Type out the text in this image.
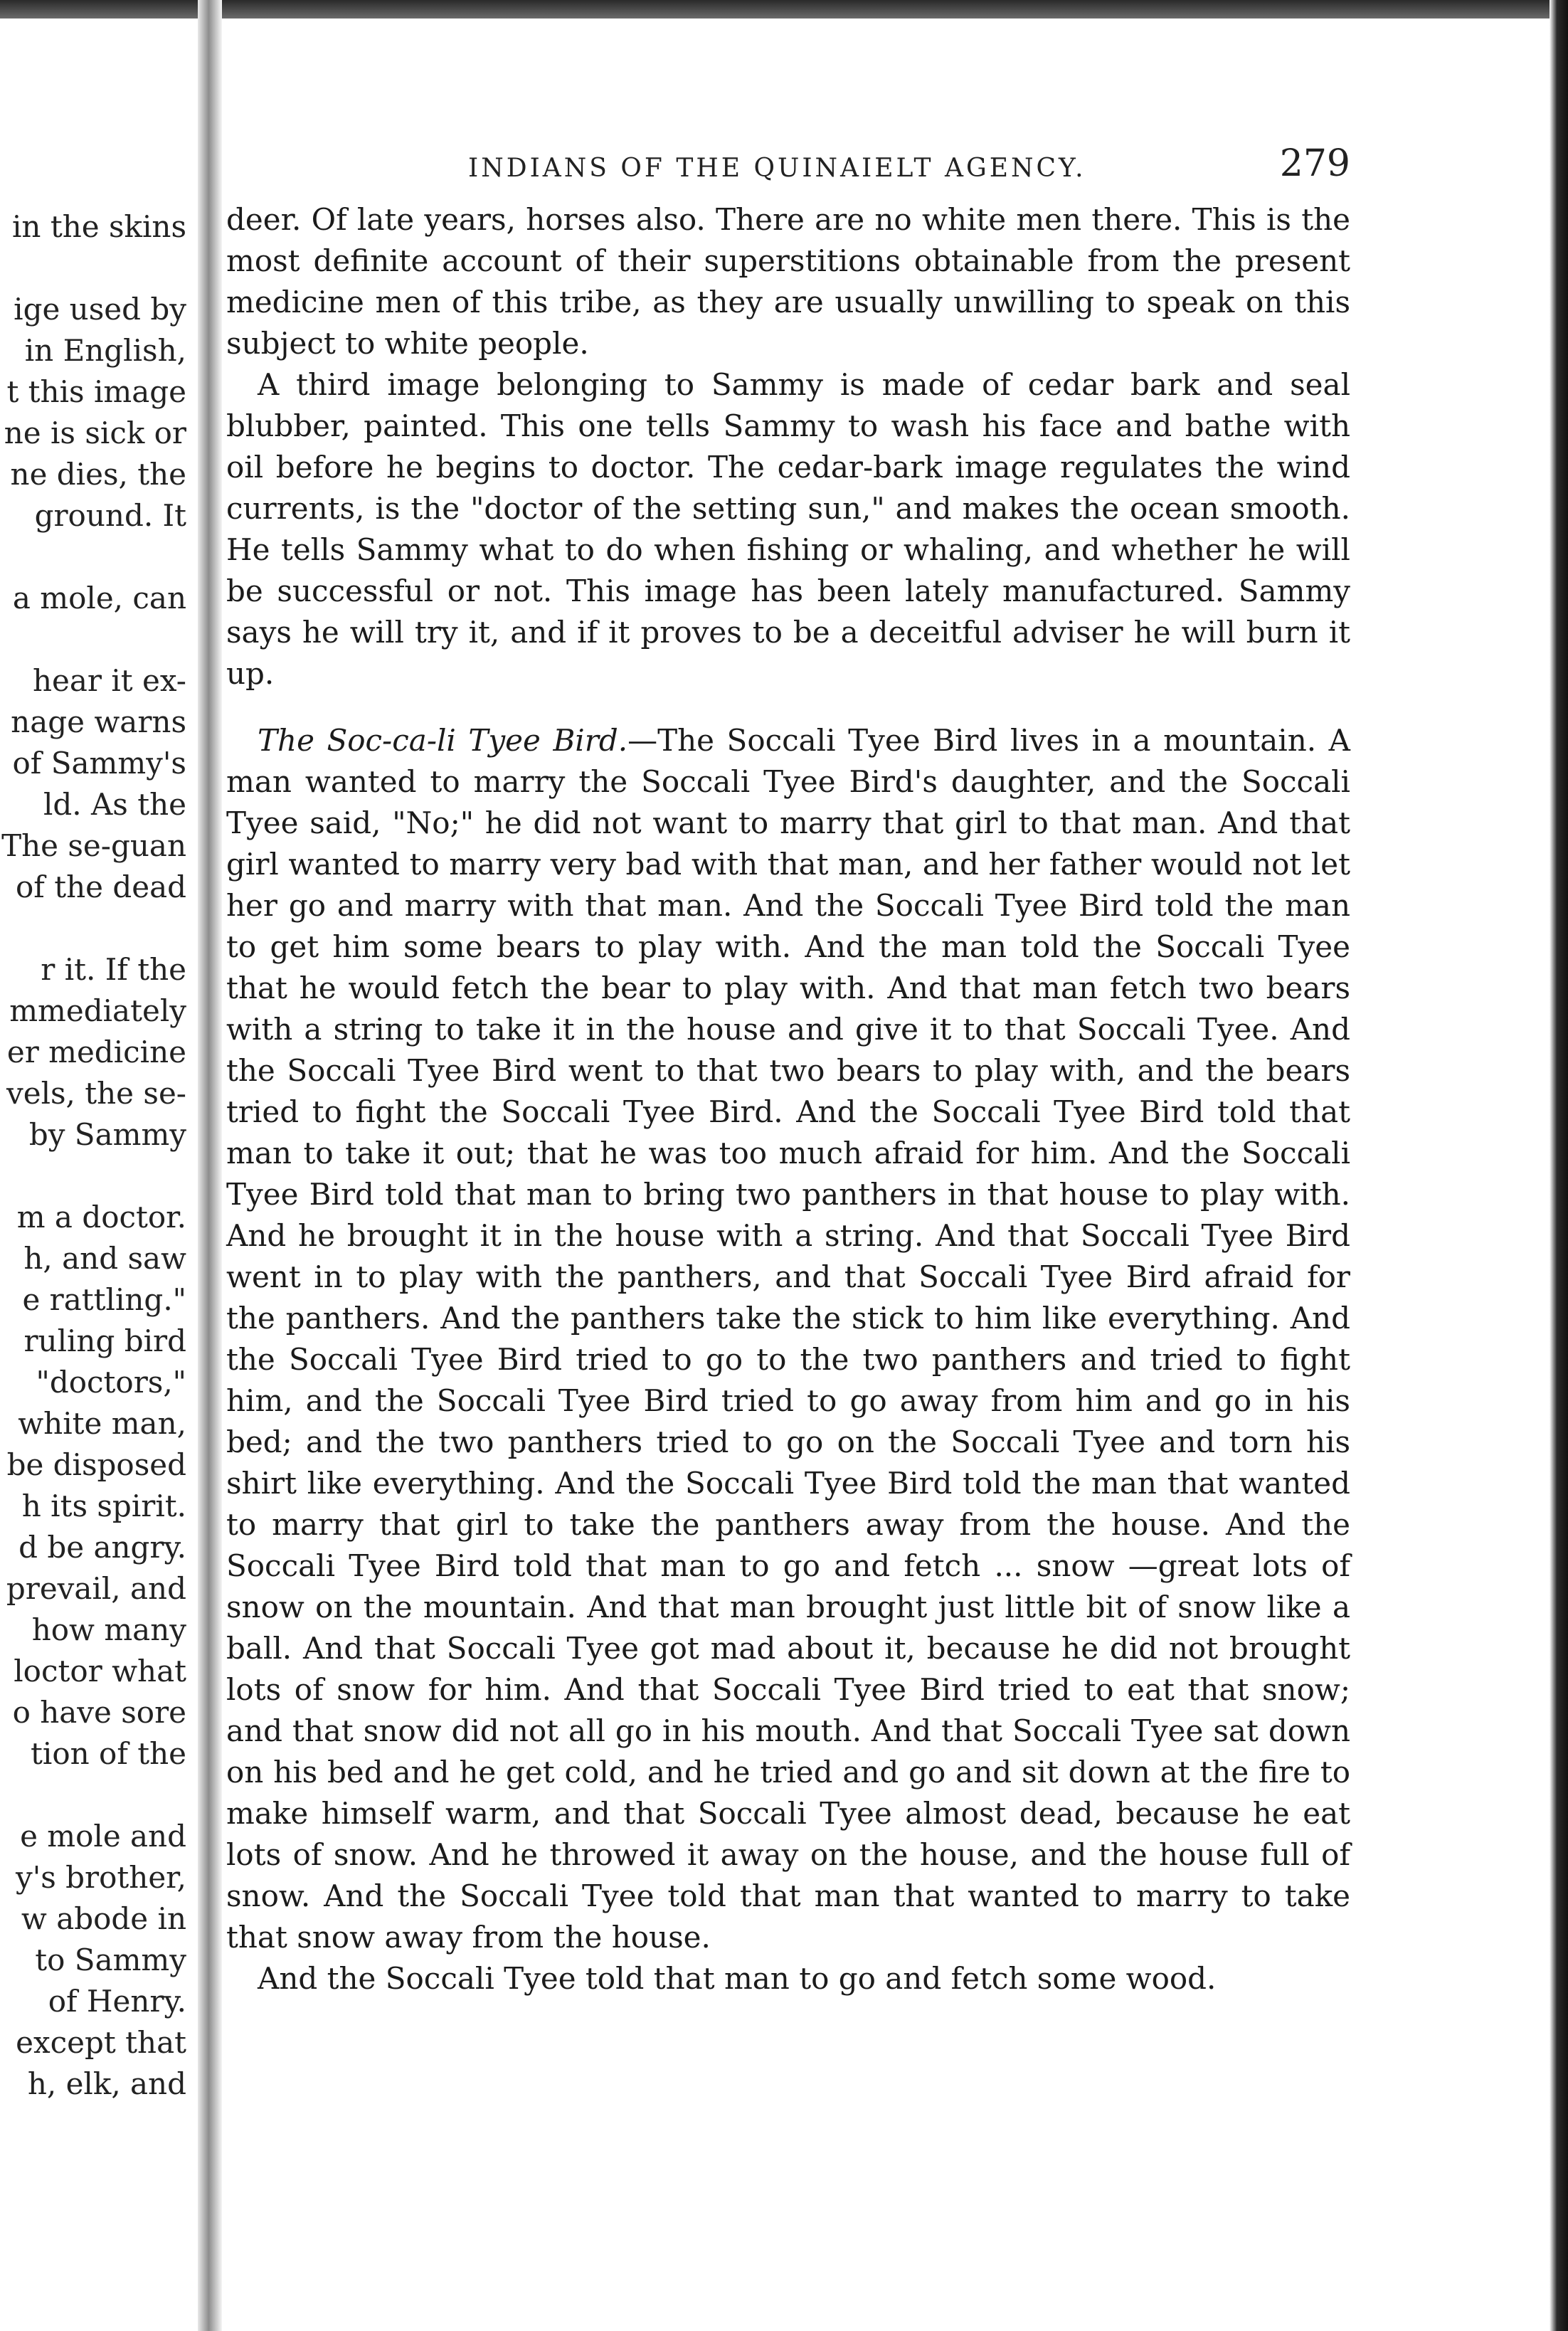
in the skins
ige used by
in English,
t this image
ne is sick or
ne dies, the
ground. It
a mole, can
hear it ex-
nage warns
of Sammy's
ld. As the
The se-guan
of the dead
r it. If the
mmediately
er medicine
vels, the se-
by Sammy
m a doctor.
h, and saw
e rattling."
ruling bird
"doctors,"
white man,
be disposed
h its spirit.
d be angry.
prevail, and
how many
loctor what
o have sore
tion of the
e mole and
y's brother,
w abode in
to Sammy
of Henry.
except that
h, elk, and
INDIANS OF THE QUINAIELT AGENCY.	279

deer. Of late years, horses also. There are no white men there. This is the most definite account of their superstitions obtainable from the present medicine men of this tribe, as they are usually unwilling to speak on this subject to white people.

A third image belonging to Sammy is made of cedar bark and seal blubber, painted. This one tells Sammy to wash his face and bathe with oil before he begins to doctor. The cedar-bark image regulates the wind currents, is the "doctor of the setting sun," and makes the ocean smooth. He tells Sammy what to do when fishing or whaling, and whether he will be successful or not. This image has been lately manufactured. Sammy says he will try it, and if it proves to be a deceitful adviser he will burn it up.

The Soc-ca-li Tyee Bird.—The Soccali Tyee Bird lives in a mountain. A man wanted to marry the Soccali Tyee Bird's daughter, and the Soccali Tyee said, "No;" he did not want to marry that girl to that man. And that girl wanted to marry very bad with that man, and her father would not let her go and marry with that man. And the Soccali Tyee Bird told the man to get him some bears to play with. And the man told the Soccali Tyee that he would fetch the bear to play with. And that man fetch two bears with a string to take it in the house and give it to that Soccali Tyee. And the Soccali Tyee Bird went to that two bears to play with, and the bears tried to fight the Soccali Tyee Bird. And the Soccali Tyee Bird told that man to take it out; that he was too much afraid for him. And the Soccali Tyee Bird told that man to bring two panthers in that house to play with. And he brought it in the house with a string. And that Soccali Tyee Bird went in to play with the panthers, and that Soccali Tyee Bird afraid for the panthers. And the panthers take the stick to him like everything. And the Soccali Tyee Bird tried to go to the two panthers and tried to fight him, and the Soccali Tyee Bird tried to go away from him and go in his bed; and the two panthers tried to go on the Soccali Tyee and torn his shirt like everything. And the Soccali Tyee Bird told the man that wanted to marry that girl to take the panthers away from the house. And the Soccali Tyee Bird told that man to go and fetch ... snow —great lots of snow on the mountain. And that man brought just little bit of snow like a ball. And that Soccali Tyee got mad about it, because he did not brought lots of snow for him. And that Soccali Tyee Bird tried to eat that snow; and that snow did not all go in his mouth. And that Soccali Tyee sat down on his bed and he get cold, and he tried and go and sit down at the fire to make himself warm, and that Soccali Tyee almost dead, because he eat lots of snow. And he throwed it away on the house, and the house full of snow. And the Soccali Tyee told that man that wanted to marry to take that snow away from the house.

And the Soccali Tyee told that man to go and fetch some wood.
